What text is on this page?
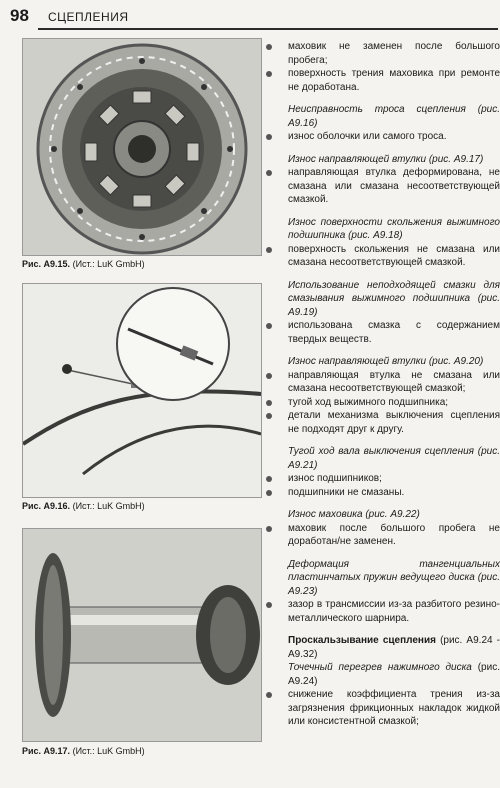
98 СЦЕПЛЕНИЯ
Рис. А9.15. (Ист.: LuK GmbH)
Рис. А9.16. (Ист.: LuK GmbH)
Рис. А9.17. (Ист.: LuK GmbH)
маховик не заменен после большого пробега;
поверхность трения маховика при ремонте не доработана.
Неисправность троса сцепления (рис. А9.16)
износ оболочки или самого троса.
Износ направляющей втулки (рис. А9.17)
направляющая втулка деформирована, не смазана или смазана несоответствующей смазкой.
Износ поверхности скольжения выжимного подшипника (рис. А9.18)
поверхность скольжения не смазана или смазана несоответствующей смазкой.
Использование неподходящей смазки для смазывания выжимного подшипника (рис. А9.19)
использована смазка с содержанием твердых веществ.
Износ направляющей втулки (рис. А9.20)
направляющая втулка не смазана или смазана несоответствующей смазкой;
тугой ход выжимного подшипника;
детали механизма выключения сцепления не подходят друг к другу.
Тугой ход вала выключения сцепления (рис. А9.21)
износ подшипников;
подшипники не смазаны.
Износ маховика (рис. А9.22)
маховик после большого пробега не доработан/не заменен.
Деформация тангенциальных пластинчатых пружин ведущего диска (рис. А9.23)
зазор в трансмиссии из-за разбитого резино-металлического шарнира.
Проскальзывание сцепления (рис. А9.24 - А9.32)
Точечный перегрев нажимного диска (рис. А9.24)
снижение коэффициента трения из-за загрязнения фрикционных накладок жидкой или консистентной смазкой;
